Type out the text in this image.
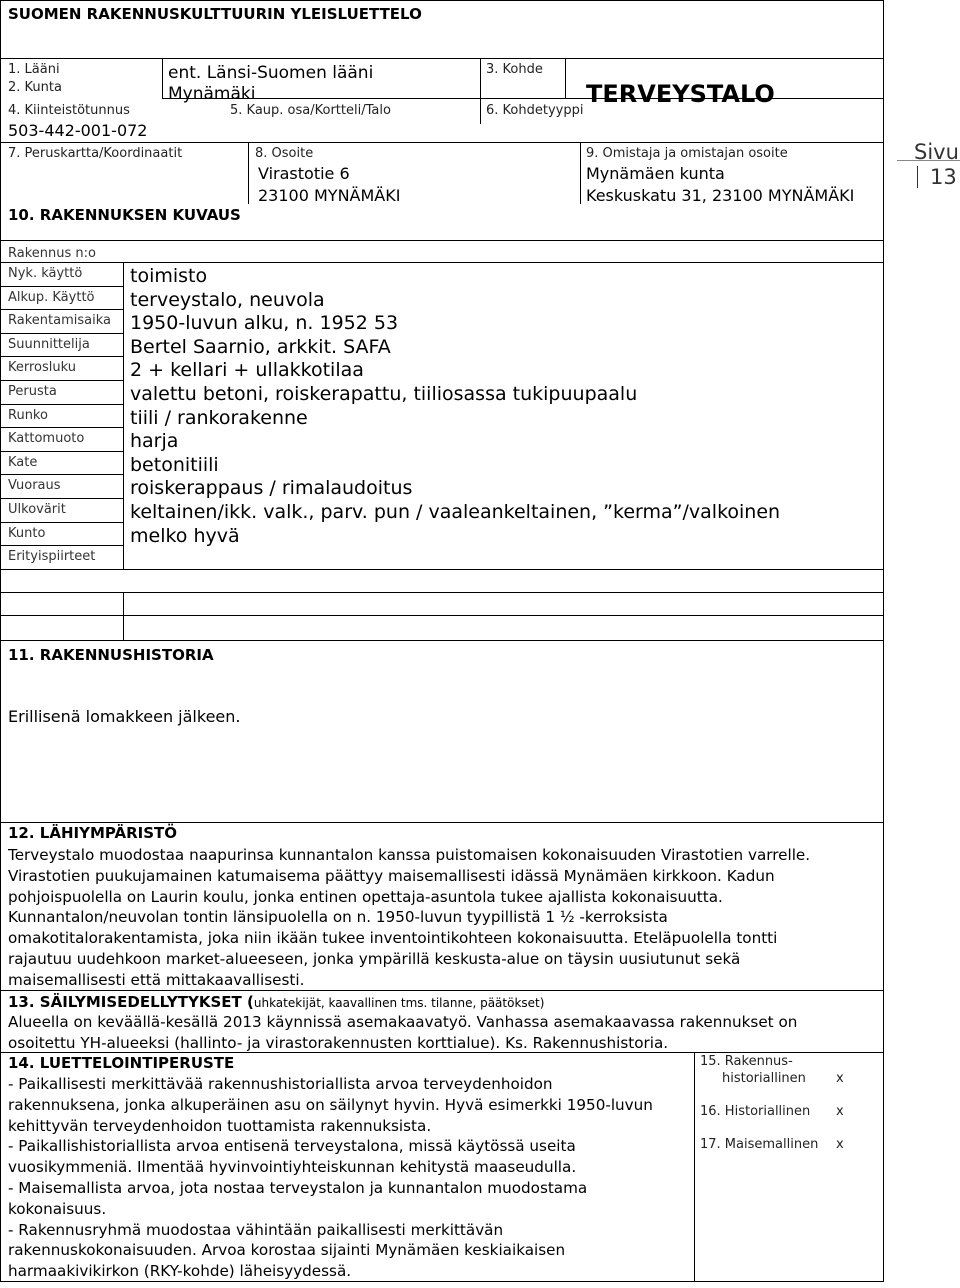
SUOMEN RAKENNUSKULTTUURIN YLEISLUETTELO
1. Lääni
2. Kunta
ent. Länsi-Suomen lääni
Mynämäki
3. Kohde
TERVEYSTALO
4. Kiinteistötunnus
503-442-001-072
5. Kaup. osa/Kortteli/Talo	6. Kohdetyyppi
7. Peruskartta/Koordinaatit	8. Osoite
Virastotie 6
23100 MYNÄMÄKI
9. Omistaja ja omistajan osoite
Mynämäen kunta
Keskuskatu 31, 23100 MYNÄMÄKI
10. RAKENNUKSEN KUVAUS
Sivu
13
Rakennus n:o
Nyk. käyttö	toimisto
Alkup. Käyttö terveystalo, neuvola
Rakentamisaika 1950-luvun alku, n. 1952 53
Suunnittelija Bertel Saarnio, arkkit. SAFA
Kerrosluku	2 + kellari + ullakkotilaa
Perusta	valettu betoni, roiskerapattu, tiiliosassa tukipuupaalu
Runko	tiili / rankorakenne
Kattomuoto harja
Kate	betonitiili
Vuoraus	roiskerappaus / rimalaudoitus
Ulkovärit	keltainen/ikk. valk., parv. pun / vaaleankeltainen, ”kerma”/valkoinen
Kunto	melko hyvä
Erityispiirteet
11. RAKENNUSHISTORIA
Erillisenä lomakkeen jälkeen.
12. LÄHIYMPÄRISTÖ
Terveystalo muodostaa naapurinsa kunnantalon kanssa puistomaisen kokonaisuuden Virastotien varrelle.
Virastotien puukujamainen katumaisema päättyy maisemallisesti idässä Mynämäen kirkkoon. Kadun
pohjoispuolella on Laurin koulu, jonka entinen opettaja-asuntola tukee ajallista kokonaisuutta.
Kunnantalon/neuvolan tontin länsipuolella on n. 1950-luvun tyypillistä 1 ½ -kerroksista
omakotitalorakentamista, joka niin ikään tukee inventointikohteen kokonaisuutta. Eteläpuolella tontti
rajautuu uudehkoon market-alueeseen, jonka ympärillä keskusta-alue on täysin uusiutunut sekä
maisemallisesti että mittakaavallisesti.
13. SÄILYMISEDELLYTYKSET (uhkatekijät, kaavallinen tms. tilanne, päätökset)
Alueella on keväällä-kesällä 2013 käynnissä asemakaavatyö. Vanhassa asemakaavassa rakennukset on
osoitettu YH-alueeksi (hallinto- ja virastorakennusten korttialue). Ks. Rakennushistoria.
14. LUETTELOINTIPERUSTE
- Paikallisesti merkittävää rakennushistoriallista arvoa terveydenhoidon
rakennuksena, jonka alkuperäinen asu on säilynyt hyvin. Hyvä esimerkki 1950-luvun
kehittyvän terveydenhoidon tuottamista rakennuksista.
- Paikallishistoriallista arvoa entisenä terveystalona, missä käytössä useita
vuosikymmeniä. Ilmentää hyvinvointiyhteiskunnan kehitystä maaseudulla.
- Maisemallista arvoa, jota nostaa terveystalon ja kunnantalon muodostama
kokonaisuus.
- Rakennusryhmä muodostaa vähintään paikallisesti merkittävän
rakennuskokonaisuuden. Arvoa korostaa sijainti Mynämäen keskiaikaisen
harmaakivikirkon (RKY-kohde) läheisyydessä.
15. Rakennus-
historiallinen x
16. Historiallinen x
17. Maisemallinen x
